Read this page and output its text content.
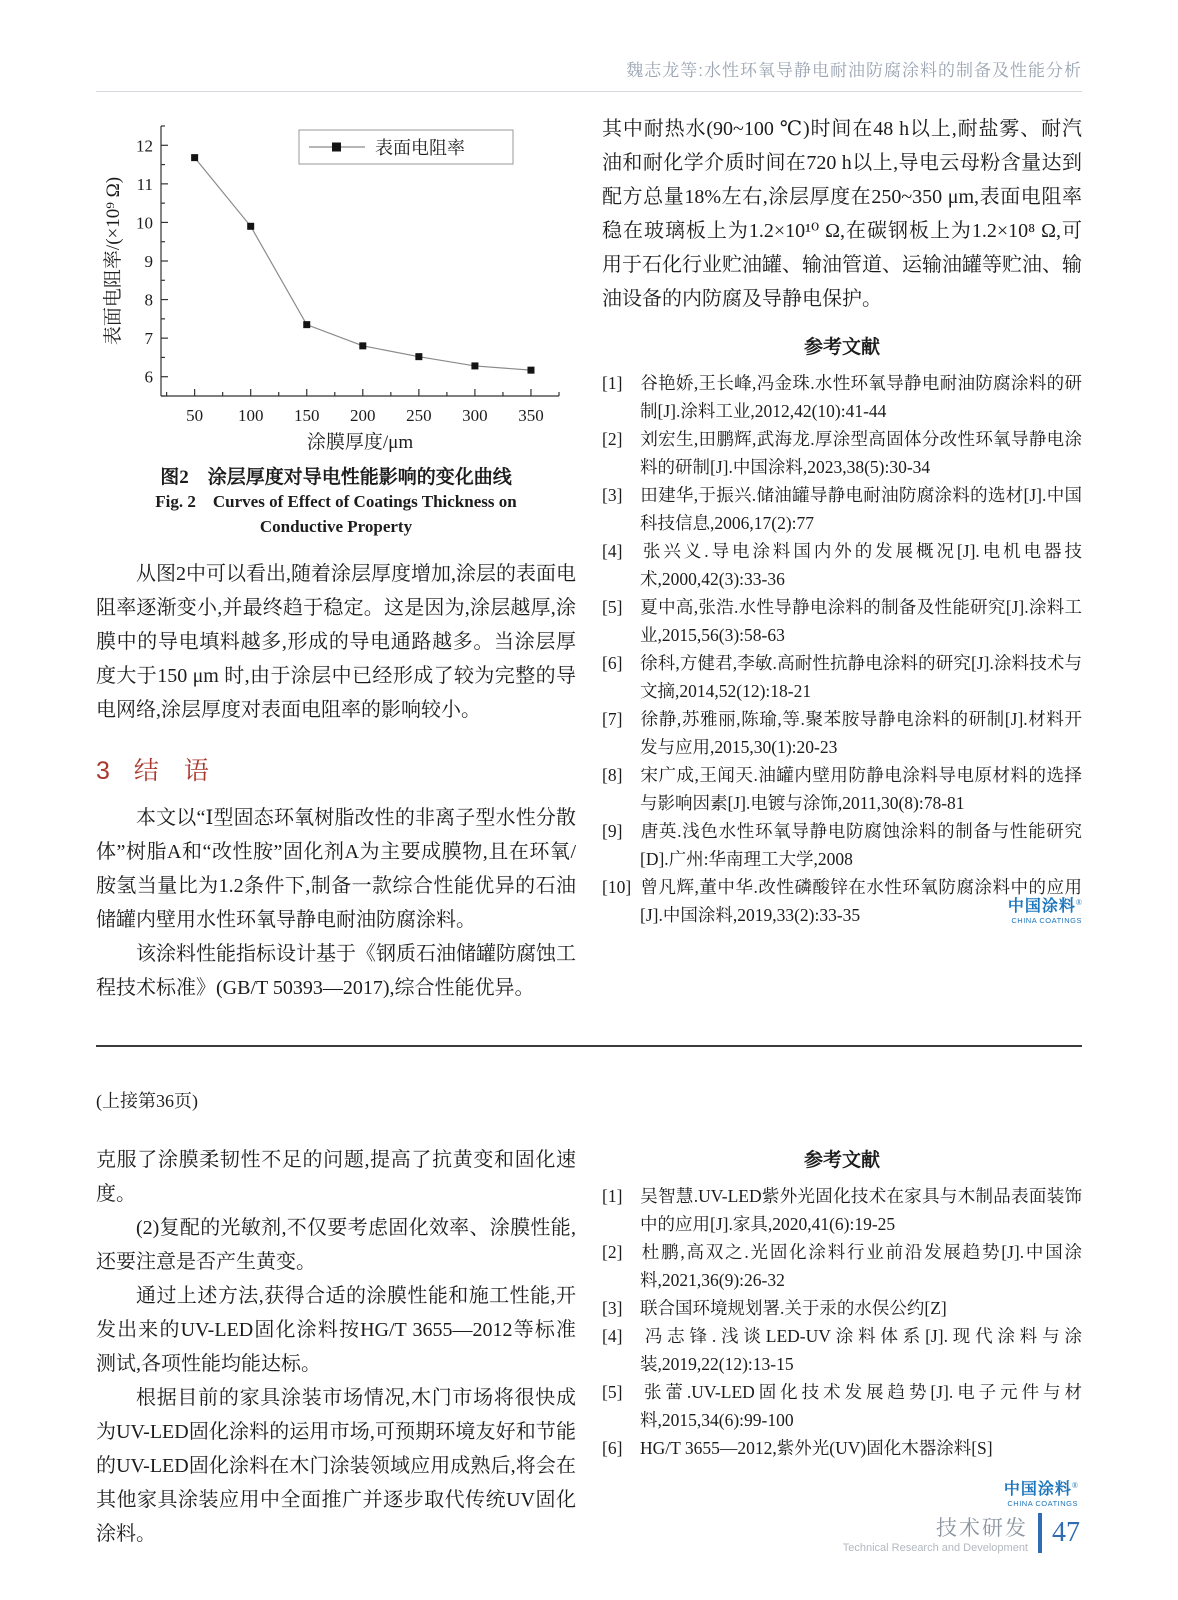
魏志龙等:水性环氧导静电耐油防腐涂料的制备及性能分析
6
7
8
9
10
11
12
50 100 150 200 250 300 350
涂膜厚度/μm
表面电阻率/(×10⁹ Ω)
表面电阻率
图2　涂层厚度对导电性能影响的变化曲线
Fig. 2　Curves of Effect of Coatings Thickness on
Conductive Property

从图2中可以看出,随着涂层厚度增加,涂层的表面电阻率逐渐变小,并最终趋于稳定。这是因为,涂层越厚,涂膜中的导电填料越多,形成的导电通路越多。当涂层厚度大于150 μm 时,由于涂层中已经形成了较为完整的导电网络,涂层厚度对表面电阻率的影响较小。

3 结　语

本文以“Ⅰ型固态环氧树脂改性的非离子型水性分散体”树脂A和“改性胺”固化剂A为主要成膜物,且在环氧/胺氢当量比为1.2条件下,制备一款综合性能优异的石油储罐内壁用水性环氧导静电耐油防腐涂料。

该涂料性能指标设计基于《钢质石油储罐防腐蚀工程技术标准》(GB/T 50393—2017),综合性能优异。

其中耐热水(90~100 ℃)时间在48 h以上,耐盐雾、耐汽油和耐化学介质时间在720 h以上,导电云母粉含量达到配方总量18%左右,涂层厚度在250~350 μm,表面电阻率稳在玻璃板上为1.2×10¹⁰ Ω,在碳钢板上为1.2×10⁸ Ω,可用于石化行业贮油罐、输油管道、运输油罐等贮油、输油设备的内防腐及导静电保护。

参考文献
[1] 谷艳娇,王长峰,冯金珠.水性环氧导静电耐油防腐涂料的研制[J].涂料工业,2012,42(10):41-44
[2] 刘宏生,田鹏辉,武海龙.厚涂型高固体分改性环氧导静电涂料的研制[J].中国涂料,2023,38(5):30-34
[3] 田建华,于振兴.储油罐导静电耐油防腐涂料的选材[J].中国科技信息,2006,17(2):77
[4] 张兴义.导电涂料国内外的发展概况[J].电机电器技术,2000,42(3):33-36
[5] 夏中高,张浩.水性导静电涂料的制备及性能研究[J].涂料工业,2015,56(3):58-63
[6] 徐科,方健君,李敏.高耐性抗静电涂料的研究[J].涂料技术与文摘,2014,52(12):18-21
[7] 徐静,苏雅丽,陈瑜,等.聚苯胺导静电涂料的研制[J].材料开发与应用,2015,30(1):20-23
[8] 宋广成,王闻天.油罐内壁用防静电涂料导电原材料的选择与影响因素[J].电镀与涂饰,2011,30(8):78-81
[9] 唐英.浅色水性环氧导静电防腐蚀涂料的制备与性能研究[D].广州:华南理工大学,2008
[10] 曾凡辉,董中华.改性磷酸锌在水性环氧防腐涂料中的应用[J].中国涂料,2019,33(2):33-35	中国涂料®
CHINA COATINGS
(上接第36页)

克服了涂膜柔韧性不足的问题,提高了抗黄变和固化速度。

(2)复配的光敏剂,不仅要考虑固化效率、涂膜性能,还要注意是否产生黄变。

通过上述方法,获得合适的涂膜性能和施工性能,开发出来的UV-LED固化涂料按HG/T 3655—2012等标准测试,各项性能均能达标。

根据目前的家具涂装市场情况,木门市场将很快成为UV-LED固化涂料的运用市场,可预期环境友好和节能的UV-LED固化涂料在木门涂装领域应用成熟后,将会在其他家具涂装应用中全面推广并逐步取代传统UV固化涂料。

参考文献
[1] 吴智慧.UV-LED紫外光固化技术在家具与木制品表面装饰中的应用[J].家具,2020,41(6):19-25
[2] 杜鹏,高双之.光固化涂料行业前沿发展趋势[J].中国涂料,2021,36(9):26-32
[3] 联合国环境规划署.关于汞的水俣公约[Z]
[4] 冯志锋.浅谈LED-UV涂料体系[J].现代涂料与涂装,2019,22(12):13-15
[5] 张蕾.UV-LED固化技术发展趋势[J].电子元件与材料,2015,34(6):99-100
[6] HG/T 3655—2012,紫外光(UV)固化木器涂料[S]
中国涂料®
CHINA COATINGS
技术研发
Technical Research and Development 47
